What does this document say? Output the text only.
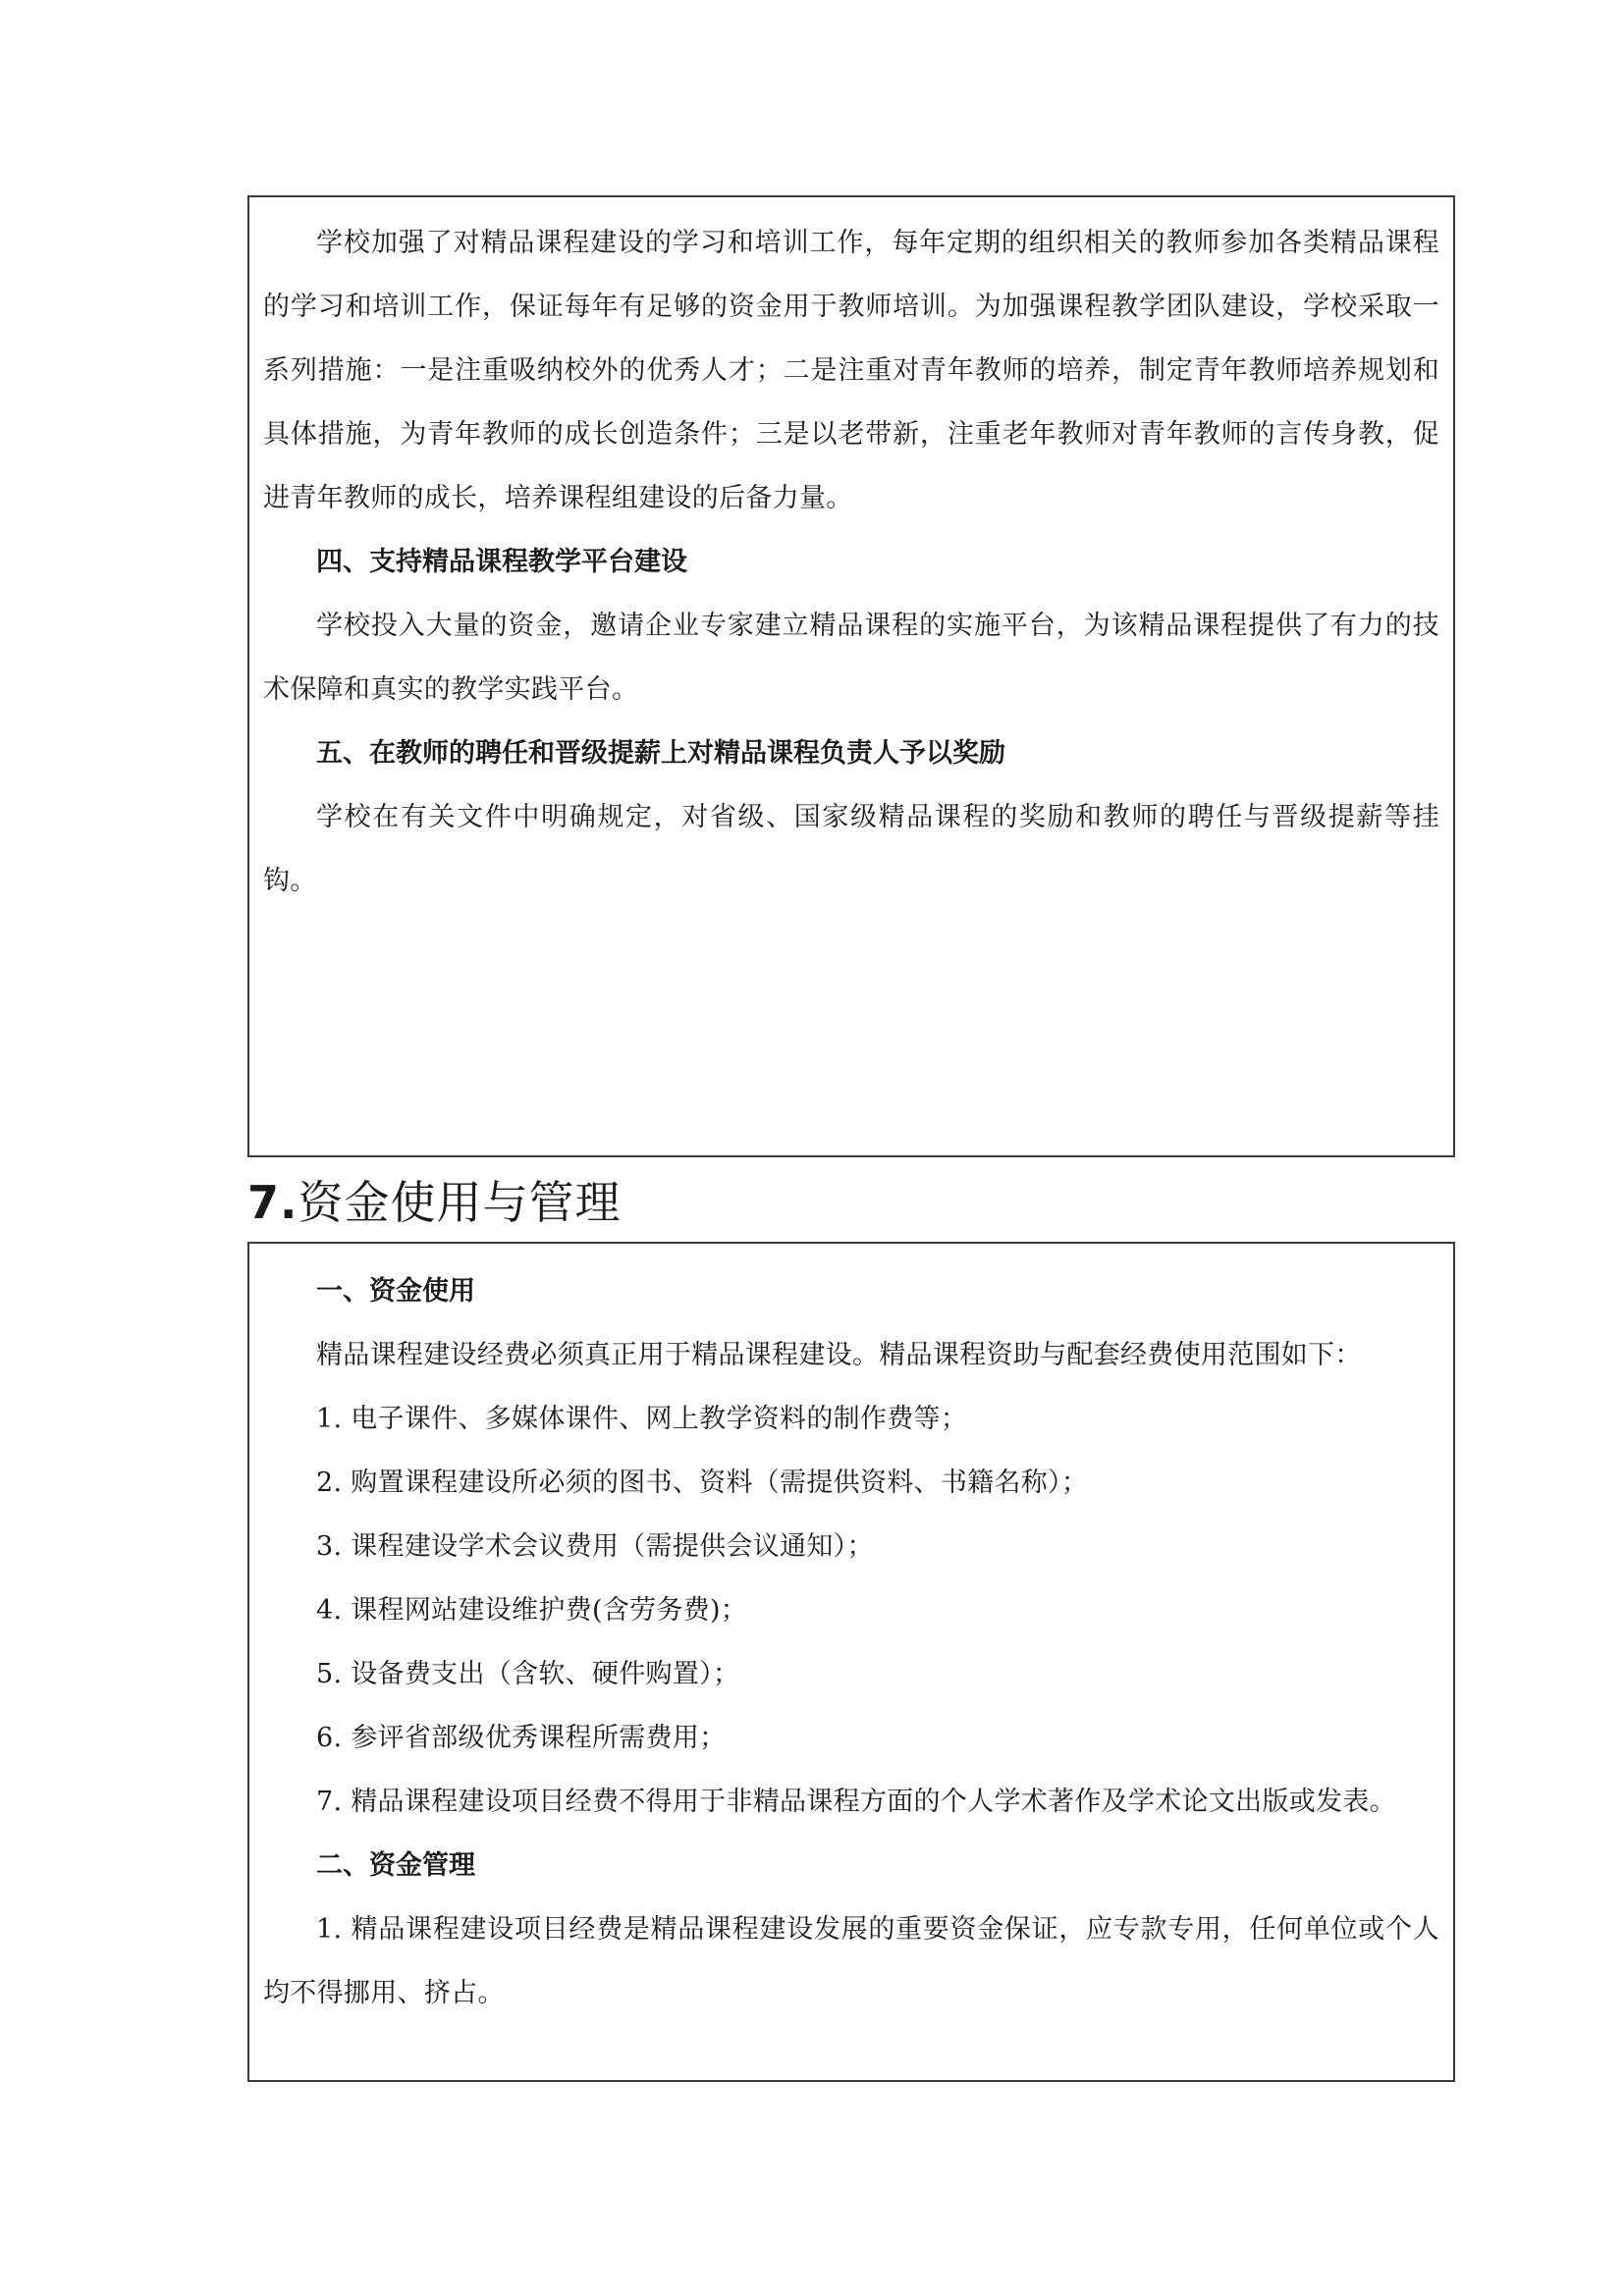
学校加强了对精品课程建设的学习和培训工作，每年定期的组织相关的教师参加各类精品课程的学习和培训工作，保证每年有足够的资金用于教师培训。为加强课程教学团队建设，学校采取一系列措施：一是注重吸纳校外的优秀人才；二是注重对青年教师的培养，制定青年教师培养规划和具体措施，为青年教师的成长创造条件；三是以老带新，注重老年教师对青年教师的言传身教，促进青年教师的成长，培养课程组建设的后备力量。

四、支持精品课程教学平台建设

学校投入大量的资金，邀请企业专家建立精品课程的实施平台，为该精品课程提供了有力的技术保障和真实的教学实践平台。

五、在教师的聘任和晋级提薪上对精品课程负责人予以奖励

学校在有关文件中明确规定，对省级、国家级精品课程的奖励和教师的聘任与晋级提薪等挂钩。

7.资金使用与管理

一、资金使用

精品课程建设经费必须真正用于精品课程建设。精品课程资助与配套经费使用范围如下：

1. 电子课件、多媒体课件、网上教学资料的制作费等；

2. 购置课程建设所必须的图书、资料（需提供资料、书籍名称）；

3. 课程建设学术会议费用（需提供会议通知）；

4. 课程网站建设维护费(含劳务费)；

5. 设备费支出（含软、硬件购置）；

6. 参评省部级优秀课程所需费用；

7. 精品课程建设项目经费不得用于非精品课程方面的个人学术著作及学术论文出版或发表。

二、资金管理

1. 精品课程建设项目经费是精品课程建设发展的重要资金保证，应专款专用，任何单位或个人均不得挪用、挤占。
